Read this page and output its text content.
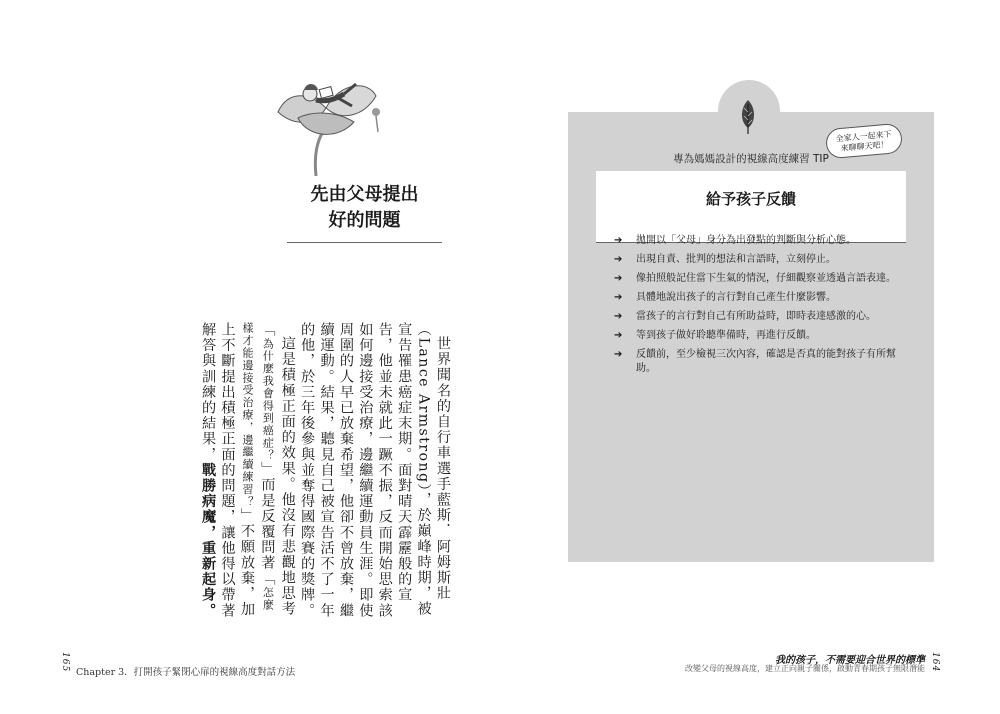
先由父母提出
好的問題

世界聞名的自行車選手藍斯．阿姆斯壯（Lance Armstrong），於巔峰時期，被宣告罹患癌症末期。面對晴天霹靂般的宣告，他並未就此一蹶不振，反而開始思索該如何邊接受治療，邊繼續運動員生涯。即使周圍的人早已放棄希望，他卻不曾放棄，繼續運動。結果，聽見自己被宣告活不了一年的他，於三年後參與並奪得國際賽的獎牌。

這是積極正面的效果。他沒有悲觀地思考「為什麼我會得到癌症？」而是反覆問著「怎麼樣才能邊接受治療，邊繼續練習？」不願放棄，加上不斷提出積極正面的問題，讓他得以帶著解答與訓練的結果，戰勝病魔，重新起身。

165
Chapter 3．打開孩子緊閉心扉的視線高度對話方法
專為媽媽設計的視線高度練習 TIP
給予孩子反饋
全家人一起來下
來聊聊天吧！
➔ 拋開以「父母」身分為出發點的判斷與分析心態。
➔ 出現自責、批判的想法和言語時，立刻停止。
➔ 像拍照般記住當下生氣的情況，仔細觀察並透過言語表達。
➔ 具體地說出孩子的言行對自己產生什麼影響。
➔ 當孩子的言行對自己有所助益時，即時表達感激的心。
➔ 等到孩子做好聆聽準備時，再進行反饋。
➔ 反饋前，至少檢視三次內容，確認是否真的能對孩子有所幫助。
我的孩子，不需要迎合世界的標準
改變父母的視線高度，建立正向親子關係，啟動青春期孩子無限潛能 164
